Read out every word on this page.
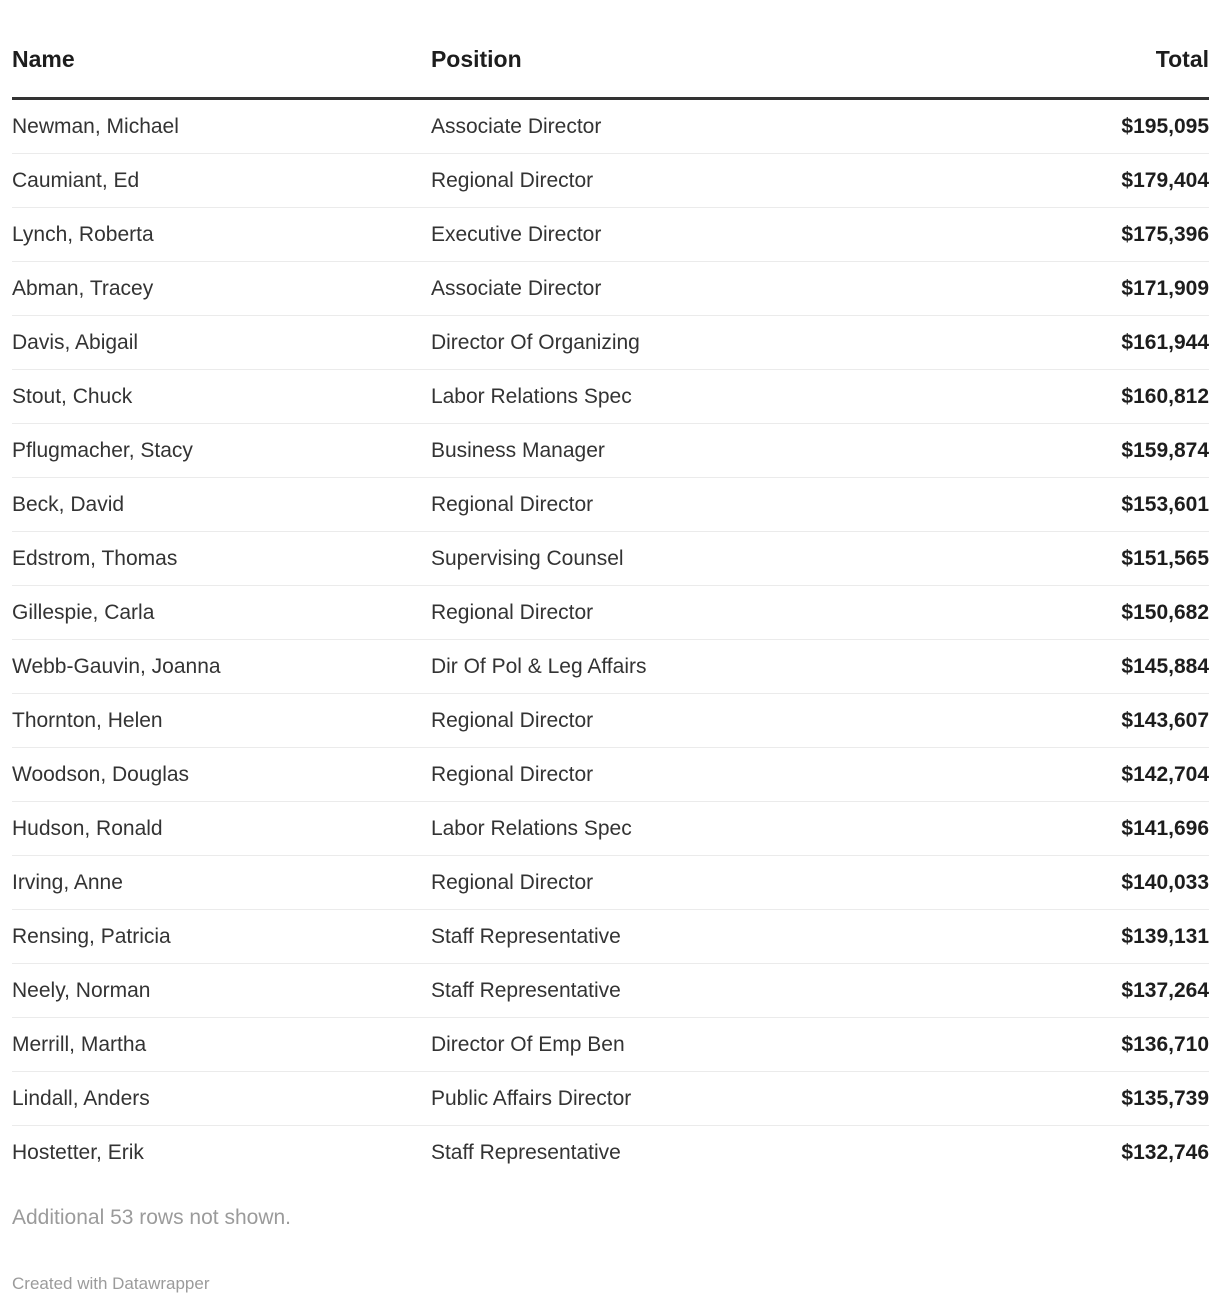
Name	Position	Total
Newman, Michael	Associate Director	$195,095
Caumiant, Ed	Regional Director	$179,404
Lynch, Roberta	Executive Director	$175,396
Abman, Tracey	Associate Director	$171,909
Davis, Abigail	Director Of Organizing	$161,944
Stout, Chuck	Labor Relations Spec	$160,812
Pflugmacher, Stacy	Business Manager	$159,874
Beck, David	Regional Director	$153,601
Edstrom, Thomas	Supervising Counsel	$151,565
Gillespie, Carla	Regional Director	$150,682
Webb-Gauvin, Joanna	Dir Of Pol & Leg Affairs	$145,884
Thornton, Helen	Regional Director	$143,607
Woodson, Douglas	Regional Director	$142,704
Hudson, Ronald	Labor Relations Spec	$141,696
Irving, Anne	Regional Director	$140,033
Rensing, Patricia	Staff Representative	$139,131
Neely, Norman	Staff Representative	$137,264
Merrill, Martha	Director Of Emp Ben	$136,710
Lindall, Anders	Public Affairs Director	$135,739
Hostetter, Erik	Staff Representative	$132,746

Additional 53 rows not shown.

Created with Datawrapper
